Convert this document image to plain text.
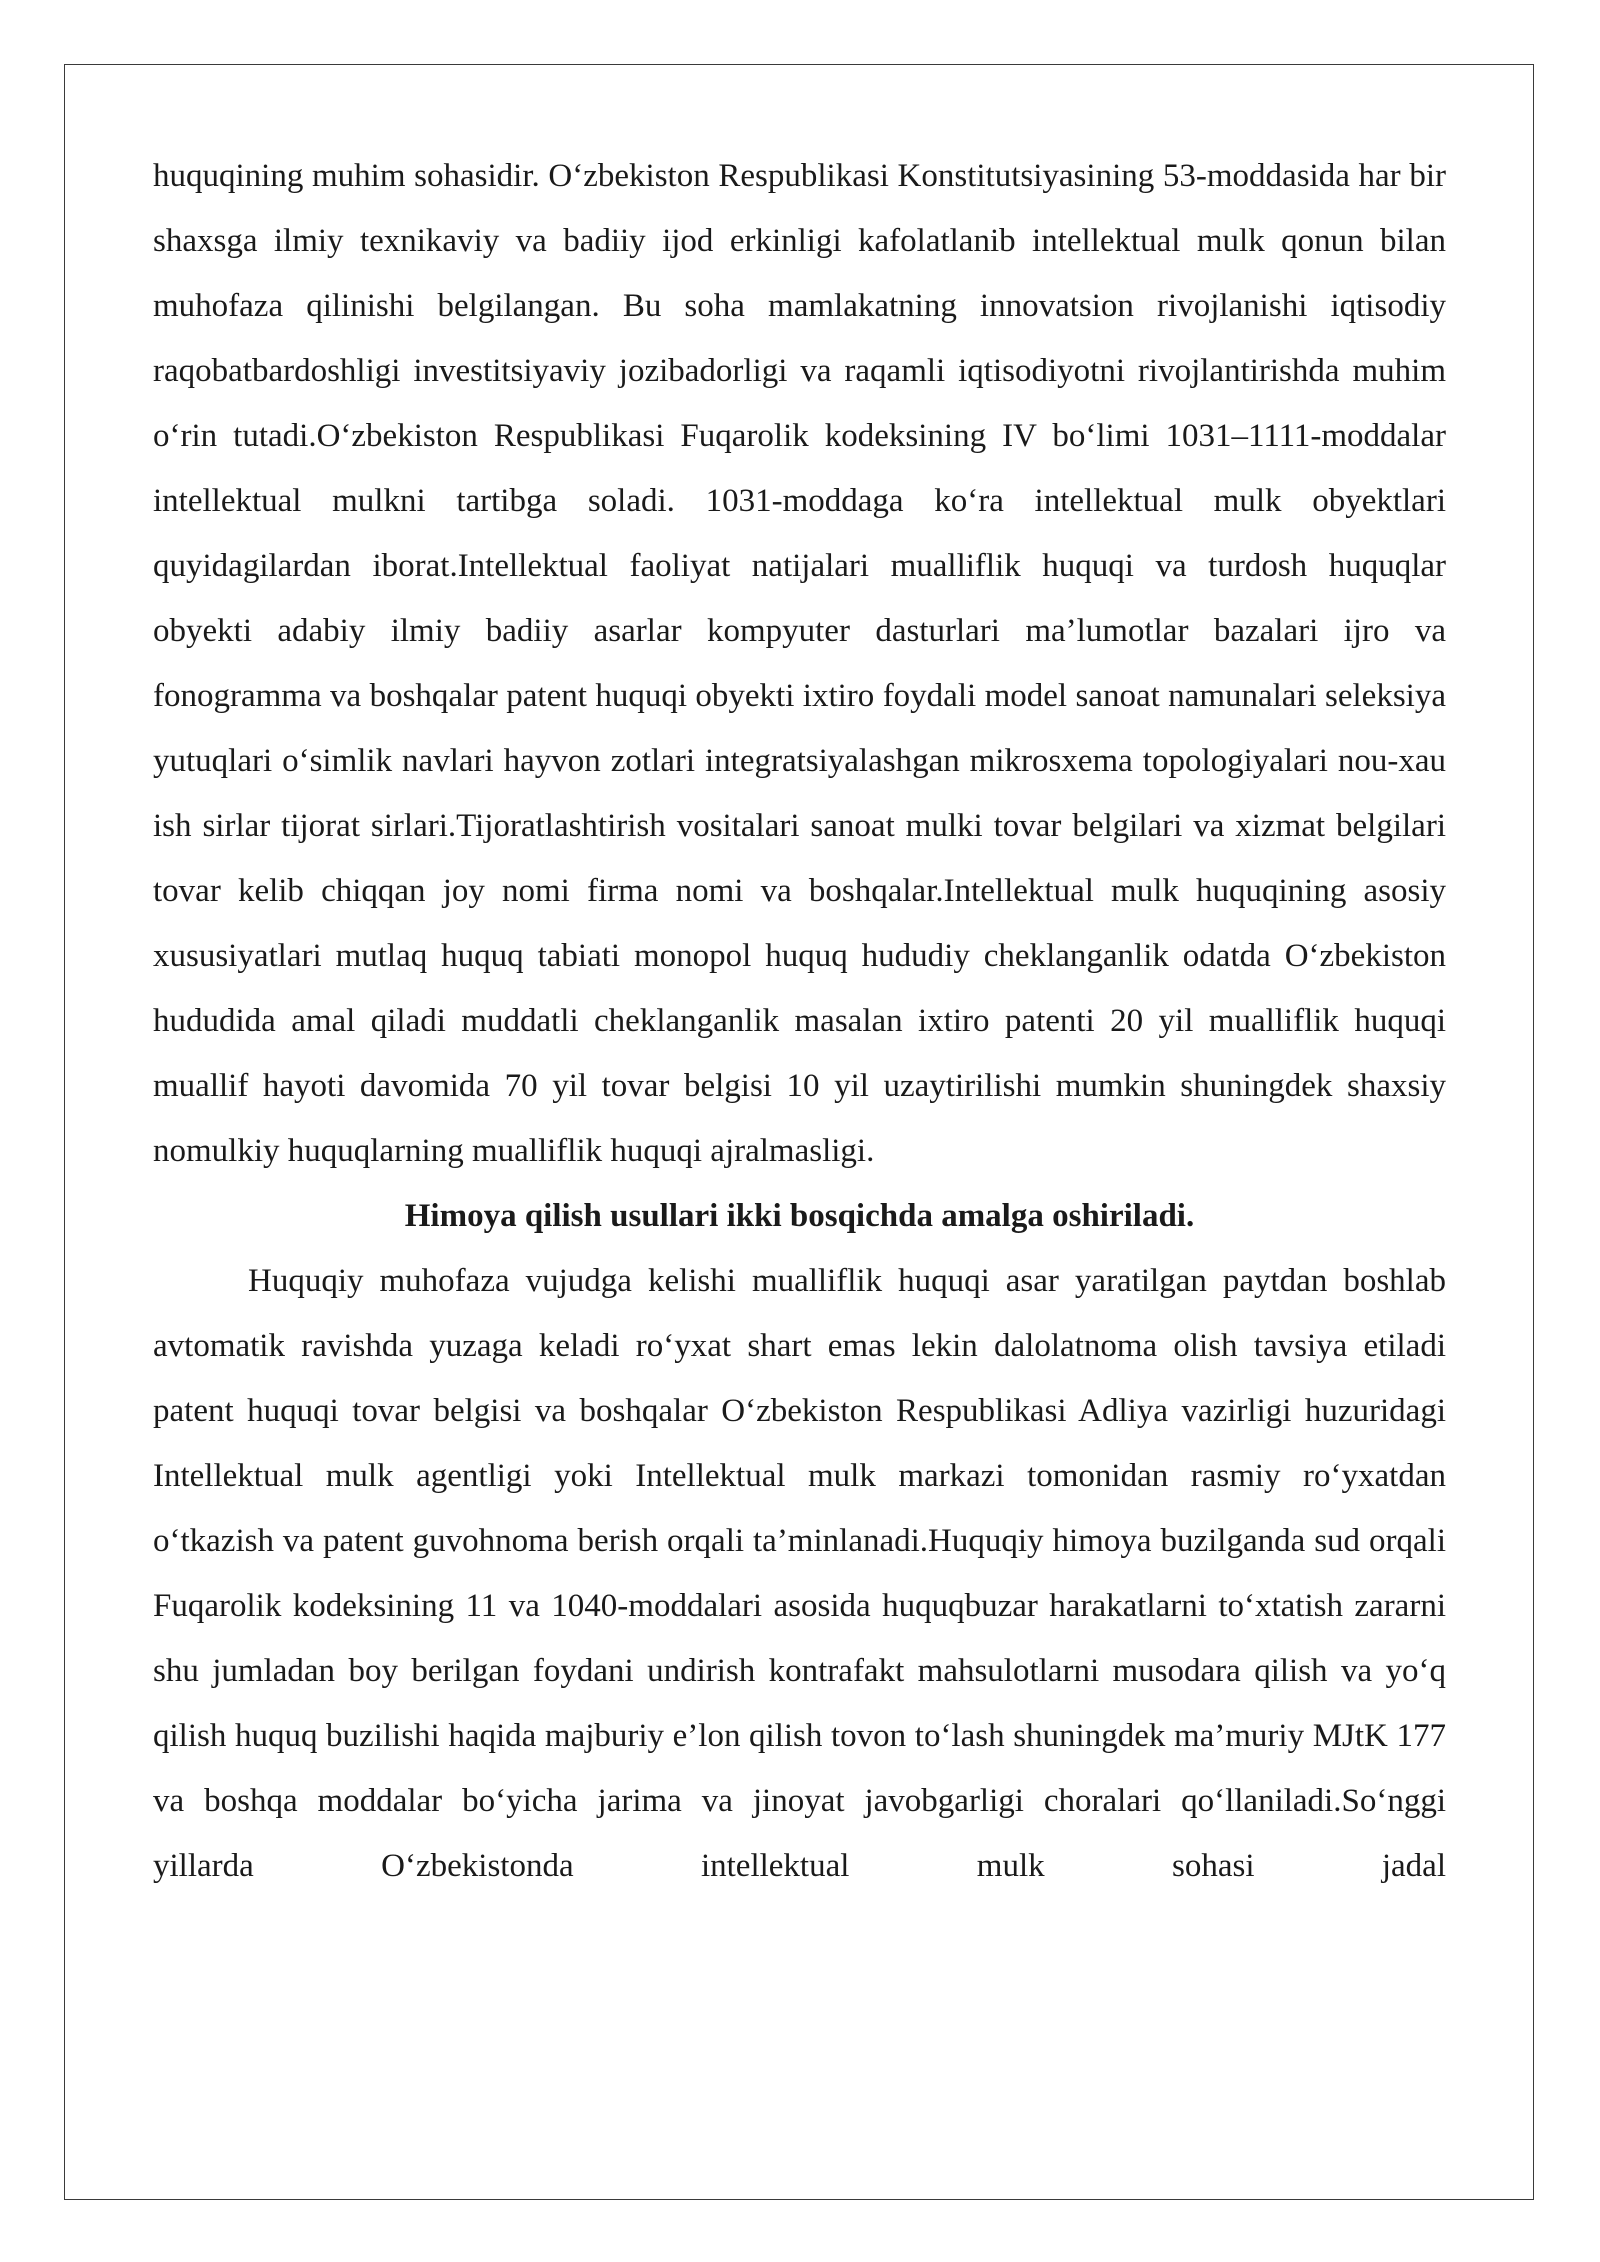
huquqining muhim sohasidir. O‘zbekiston Respublikasi Konstitutsiyasining 53-moddasida har bir shaxsga ilmiy texnikaviy va badiiy ijod erkinligi kafolatlanib intellektual mulk qonun bilan muhofaza qilinishi belgilangan. Bu soha mamlakatning innovatsion rivojlanishi iqtisodiy raqobatbardoshligi investitsiyaviy jozibadorligi va raqamli iqtisodiyotni rivojlantirishda muhim o‘rin tutadi.O‘zbekiston Respublikasi Fuqarolik kodeksining IV bo‘limi 1031–1111-moddalar intellektual mulkni tartibga soladi. 1031-moddaga ko‘ra intellektual mulk obyektlari quyidagilardan iborat.Intellektual faoliyat natijalari mualliflik huquqi va turdosh huquqlar obyekti adabiy ilmiy badiiy asarlar kompyuter dasturlari ma’lumotlar bazalari ijro va fonogramma va boshqalar patent huquqi obyekti ixtiro foydali model sanoat namunalari seleksiya yutuqlari o‘simlik navlari hayvon zotlari integratsiyalashgan mikrosxema topologiyalari nou-xau ish sirlar tijorat sirlari.Tijoratlashtirish vositalari sanoat mulki tovar belgilari va xizmat belgilari tovar kelib chiqqan joy nomi firma nomi va boshqalar.Intellektual mulk huquqining asosiy xususiyatlari mutlaq huquq tabiati monopol huquq hududiy cheklanganlik odatda O‘zbekiston hududida amal qiladi muddatli cheklanganlik masalan ixtiro patenti 20 yil mualliflik huquqi muallif hayoti davomida 70 yil tovar belgisi 10 yil uzaytirilishi mumkin shuningdek shaxsiy nomulkiy huquqlarning mualliflik huquqi ajralmasligi.

Himoya qilish usullari ikki bosqichda amalga oshiriladi.

Huquqiy muhofaza vujudga kelishi mualliflik huquqi asar yaratilgan paytdan boshlab avtomatik ravishda yuzaga keladi ro‘yxat shart emas lekin dalolatnoma olish tavsiya etiladi patent huquqi tovar belgisi va boshqalar O‘zbekiston Respublikasi Adliya vazirligi huzuridagi Intellektual mulk agentligi yoki Intellektual mulk markazi tomonidan rasmiy ro‘yxatdan o‘tkazish va patent guvohnoma berish orqali ta’minlanadi.Huquqiy himoya buzilganda sud orqali Fuqarolik kodeksining 11 va 1040-moddalari asosida huquqbuzar harakatlarni to‘xtatish zararni shu jumladan boy berilgan foydani undirish kontrafakt mahsulotlarni musodara qilish va yo‘q qilish huquq buzilishi haqida majburiy e’lon qilish tovon to‘lash shuningdek ma’muriy MJtK 177 va boshqa moddalar bo‘yicha jarima va jinoyat javobgarligi choralari qo‘llaniladi.So‘nggi yillarda O‘zbekistonda intellektual mulk sohasi jadal
